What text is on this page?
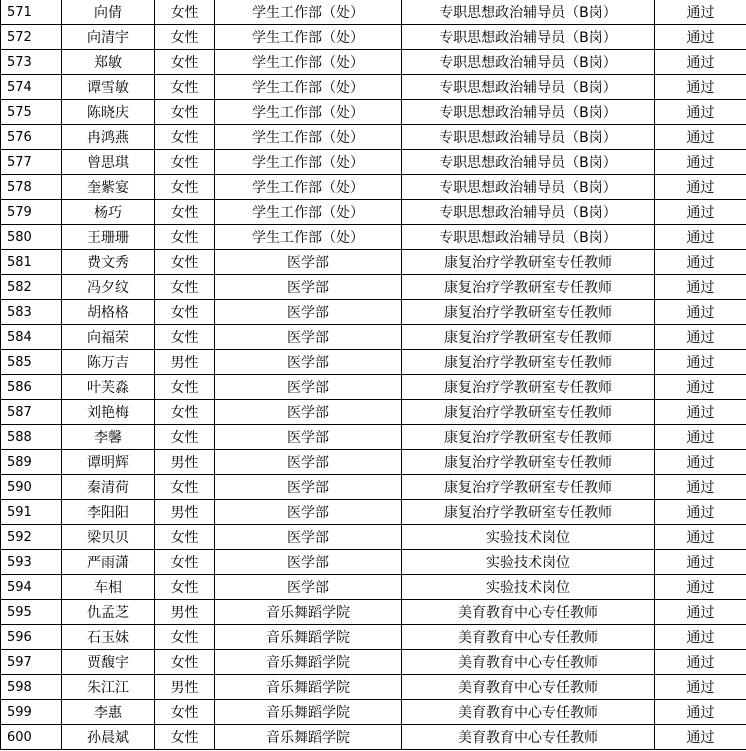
571	向倩	女性	学生工作部（处）	专职思想政治辅导员（B岗）	通过
572	向清宇	女性	学生工作部（处）	专职思想政治辅导员（B岗）	通过
573	郑敏	女性	学生工作部（处）	专职思想政治辅导员（B岗）	通过
574	谭雪敏	女性	学生工作部（处）	专职思想政治辅导员（B岗）	通过
575	陈晓庆	女性	学生工作部（处）	专职思想政治辅导员（B岗）	通过
576	冉鸿燕	女性	学生工作部（处）	专职思想政治辅导员（B岗）	通过
577	曾思琪	女性	学生工作部（处）	专职思想政治辅导员（B岗）	通过
578	奎紫宴	女性	学生工作部（处）	专职思想政治辅导员（B岗）	通过
579	杨巧	女性	学生工作部（处）	专职思想政治辅导员（B岗）	通过
580	王珊珊	女性	学生工作部（处）	专职思想政治辅导员（B岗）	通过
581	费文秀	女性	医学部	康复治疗学教研室专任教师	通过
582	冯夕纹	女性	医学部	康复治疗学教研室专任教师	通过
583	胡格格	女性	医学部	康复治疗学教研室专任教师	通过
584	向福荣	女性	医学部	康复治疗学教研室专任教师	通过
585	陈万吉	男性	医学部	康复治疗学教研室专任教师	通过
586	叶芙淼	女性	医学部	康复治疗学教研室专任教师	通过
587	刘艳梅	女性	医学部	康复治疗学教研室专任教师	通过
588	李馨	女性	医学部	康复治疗学教研室专任教师	通过
589	谭明辉	男性	医学部	康复治疗学教研室专任教师	通过
590	秦清荷	女性	医学部	康复治疗学教研室专任教师	通过
591	李阳阳	男性	医学部	康复治疗学教研室专任教师	通过
592	梁贝贝	女性	医学部	实验技术岗位	通过
593	严雨潇	女性	医学部	实验技术岗位	通过
594	车相	女性	医学部	实验技术岗位	通过
595	仇孟芝	男性	音乐舞蹈学院	美育教育中心专任教师	通过
596	石玉妹	女性	音乐舞蹈学院	美育教育中心专任教师	通过
597	贾馥宇	女性	音乐舞蹈学院	美育教育中心专任教师	通过
598	朱江江	男性	音乐舞蹈学院	美育教育中心专任教师	通过
599	李惠	女性	音乐舞蹈学院	美育教育中心专任教师	通过
600	孙晨斌	女性	音乐舞蹈学院	美育教育中心专任教师	通过
